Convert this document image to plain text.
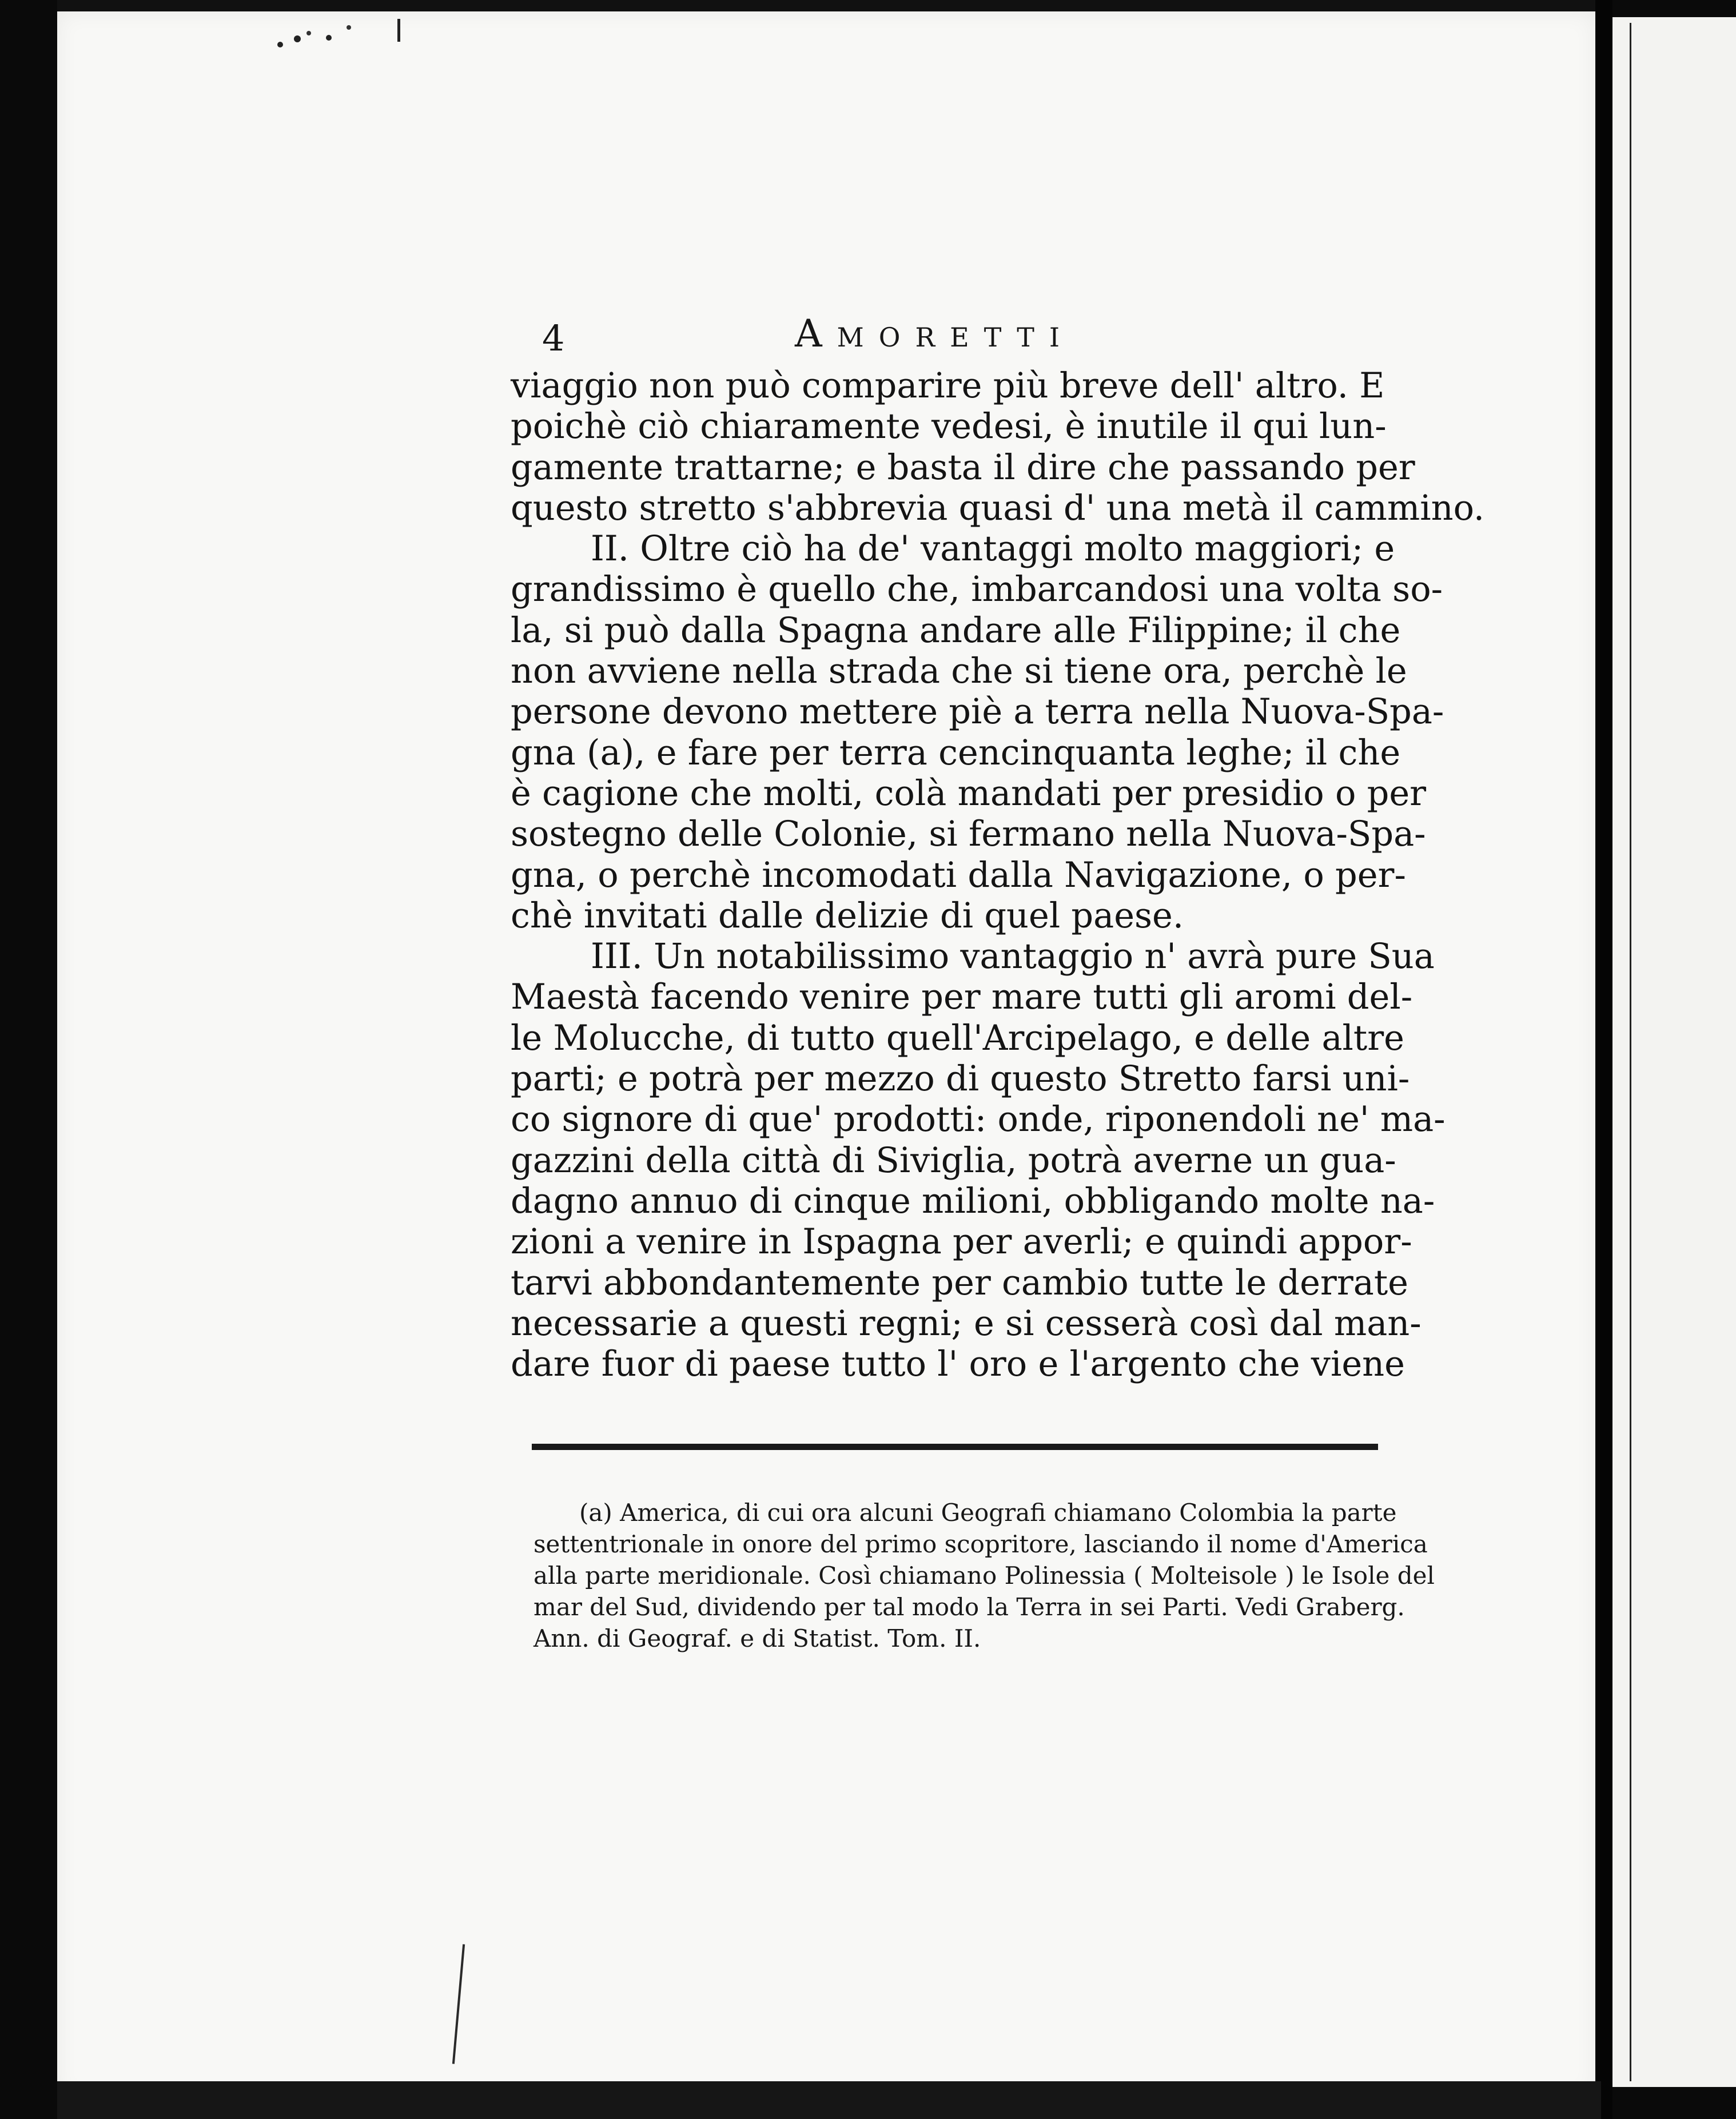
4	Amoretti
viaggio non può comparire più breve dell' altro. E
poichè ciò chiaramente vedesi, è inutile il qui lun-
gamente trattarne; e basta il dire che passando per
questo stretto s'abbrevia quasi d' una metà il cammino.
II. Oltre ciò ha de' vantaggi molto maggiori; e
grandissimo è quello che, imbarcandosi una volta so-
la, si può dalla Spagna andare alle Filippine; il che
non avviene nella strada che si tiene ora, perchè le
persone devono mettere piè a terra nella Nuova-Spa-
gna (a), e fare per terra cencinquanta leghe; il che
è cagione che molti, colà mandati per presidio o per
sostegno delle Colonie, si fermano nella Nuova-Spa-
gna, o perchè incomodati dalla Navigazione, o per-
chè invitati dalle delizie di quel paese.
III. Un notabilissimo vantaggio n' avrà pure Sua
Maestà facendo venire per mare tutti gli aromi del-
le Molucche, di tutto quell'Arcipelago, e delle altre
parti; e potrà per mezzo di questo Stretto farsi uni-
co signore di que' prodotti: onde, riponendoli ne' ma-
gazzini della città di Siviglia, potrà averne un gua-
dagno annuo di cinque milioni, obbligando molte na-
zioni a venire in Ispagna per averli; e quindi appor-
tarvi abbondantemente per cambio tutte le derrate
necessarie a questi regni; e si cesserà così dal man-
dare fuor di paese tutto l' oro e l'argento che viene
(a) America, di cui ora alcuni Geografi chiamano Colombia la parte
settentrionale in onore del primo scopritore, lasciando il nome d'America
alla parte meridionale. Così chiamano Polinessia ( Molteisole ) le Isole del
mar del Sud, dividendo per tal modo la Terra in sei Parti. Vedi Graberg.
Ann. di Geograf. e di Statist. Tom. II.
